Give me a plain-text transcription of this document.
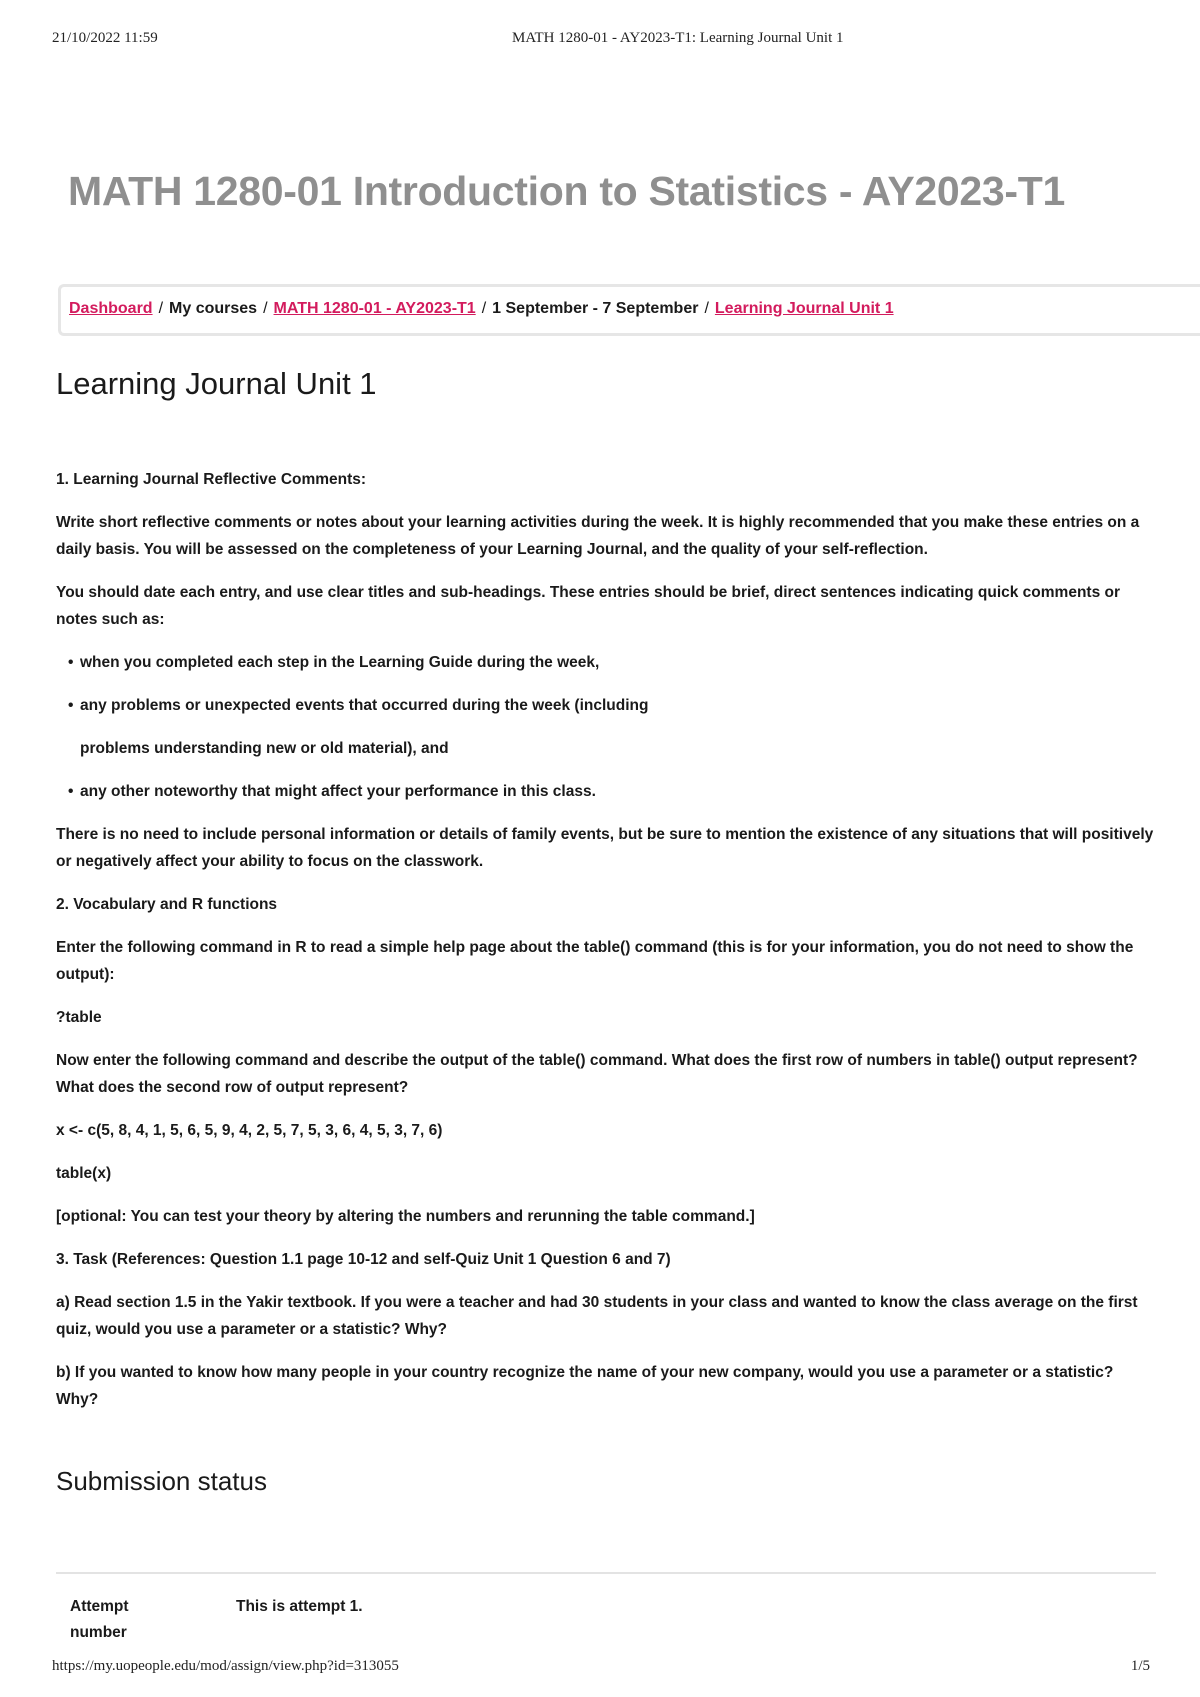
21/10/2022 11:59	MATH 1280-01 - AY2023-T1: Learning Journal Unit 1
MATH 1280-01 Introduction to Statistics - AY2023-T1
Dashboard / My courses / MATH 1280-01 - AY2023-T1 / 1 September - 7 September / Learning Journal Unit 1
Learning Journal Unit 1

1. Learning Journal Reflective Comments:

Write short reflective comments or notes about your learning activities during the week. It is highly recommended that you make these entries on a daily basis. You will be assessed on the completeness of your Learning Journal, and the quality of your self-reflection.

You should date each entry, and use clear titles and sub-headings. These entries should be brief, direct sentences indicating quick comments or notes such as:

• when you completed each step in the Learning Guide during the week,
• any problems or unexpected events that occurred during the week (including
problems understanding new or old material), and
• any other noteworthy that might affect your performance in this class.

There is no need to include personal information or details of family events, but be sure to mention the existence of any situations that will positively or negatively affect your ability to focus on the classwork.

2. Vocabulary and R functions

Enter the following command in R to read a simple help page about the table() command (this is for your information, you do not need to show the output):

?table

Now enter the following command and describe the output of the table() command. What does the first row of numbers in table() output represent? What does the second row of output represent?

x <- c(5, 8, 4, 1, 5, 6, 5, 9, 4, 2, 5, 7, 5, 3, 6, 4, 5, 3, 7, 6)

table(x)

[optional: You can test your theory by altering the numbers and rerunning the table command.]

3. Task (References: Question 1.1 page 10-12 and self-Quiz Unit 1 Question 6 and 7)

a) Read section 1.5 in the Yakir textbook. If you were a teacher and had 30 students in your class and wanted to know the class average on the first quiz, would you use a parameter or a statistic? Why?

b) If you wanted to know how many people in your country recognize the name of your new company, would you use a parameter or a statistic? Why?

Submission status
Attempt number
This is attempt 1.
https://my.uopeople.edu/mod/assign/view.php?id=313055	1/5
